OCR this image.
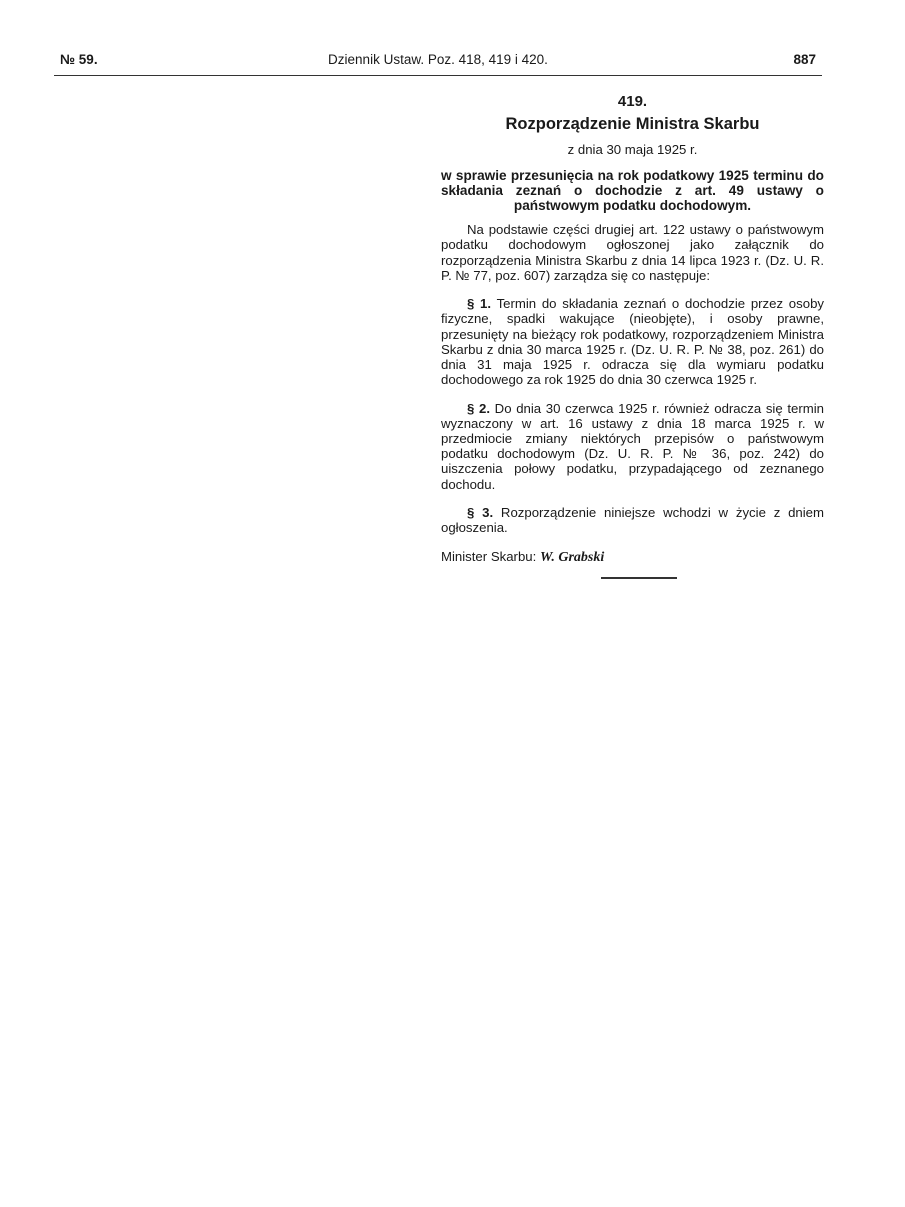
№ 59.	Dziennik Ustaw. Poz. 418, 419 i 420.	887
419.
Rozporządzenie Ministra Skarbu
z dnia 30 maja 1925 r.
w sprawie przesunięcia na rok podatkowy 1925 terminu do składania zeznań o dochodzie z art. 49 ustawy o państwowym podatku dochodowym.

Na podstawie części drugiej art. 122 ustawy o państwowym podatku dochodowym ogłoszonej jako załącznik do rozporządzenia Ministra Skarbu z dnia 14 lipca 1923 r. (Dz. U. R. P. № 77, poz. 607) zarządza się co następuje:

§ 1. Termin do składania zeznań o dochodzie przez osoby fizyczne, spadki wakujące (nieobjęte), i osoby prawne, przesunięty na bieżący rok podatkowy, rozporządzeniem Ministra Skarbu z dnia 30 marca 1925 r. (Dz. U. R. P. № 38, poz. 261) do dnia 31 maja 1925 r. odracza się dla wymiaru podatku dochodowego za rok 1925 do dnia 30 czerwca 1925 r.

§ 2. Do dnia 30 czerwca 1925 r. również odracza się termin wyznaczony w art. 16 ustawy z dnia 18 marca 1925 r. w przedmiocie zmiany niektórych przepisów o państwowym podatku dochodowym (Dz. U. R. P. № 36, poz. 242) do uiszczenia połowy podatku, przypadającego od zeznanego dochodu.

§ 3. Rozporządzenie niniejsze wchodzi w życie z dniem ogłoszenia.

Minister Skarbu: W. Grabski
